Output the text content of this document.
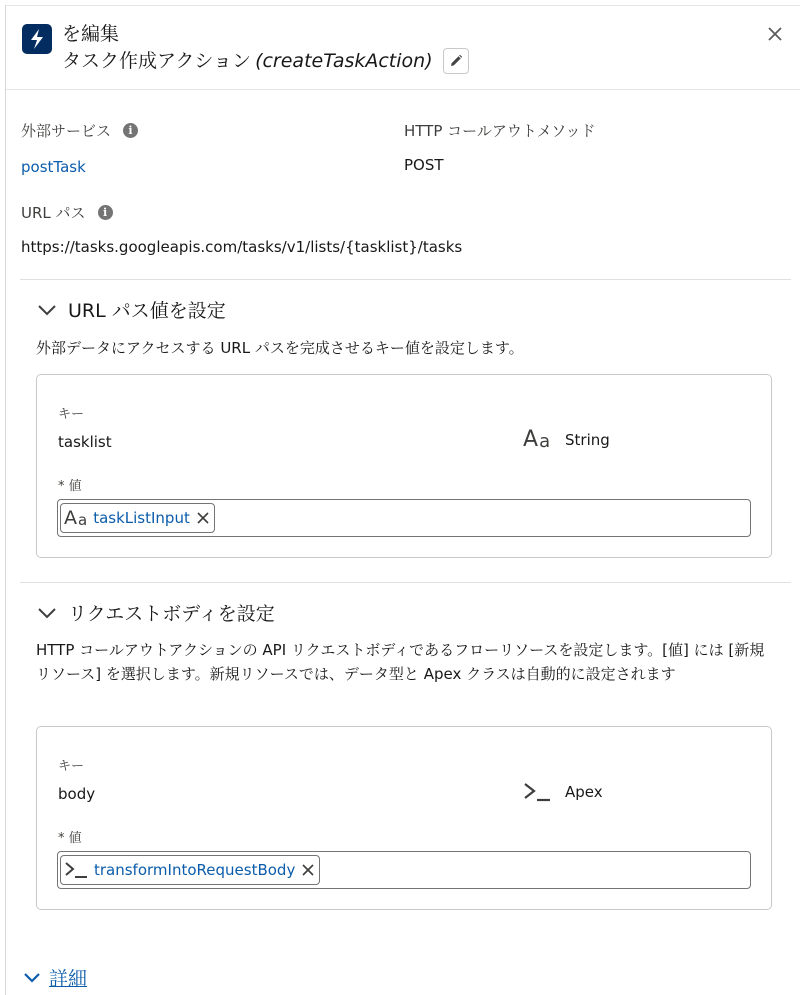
を編集
タスク作成アクション (createTaskAction)
外部サービス	i
postTask
HTTP コールアウトメソッド
POST
URL パス	i
https://tasks.googleapis.com/tasks/v1/lists/{tasklist}/tasks
URL パス値を設定
外部データにアクセスする URL パスを完成させるキー値を設定します。
キー
tasklist	A a String
* 値
A a taskListInput
リクエストボディを設定
HTTP コールアウトアクションの API リクエストボディであるフローリソースを設定します。[値] には [新規リソース] を選択します。新規リソースでは、データ型と Apex クラスは自動的に設定されます
キー
body	Apex
* 値
transformIntoRequestBody
詳細
